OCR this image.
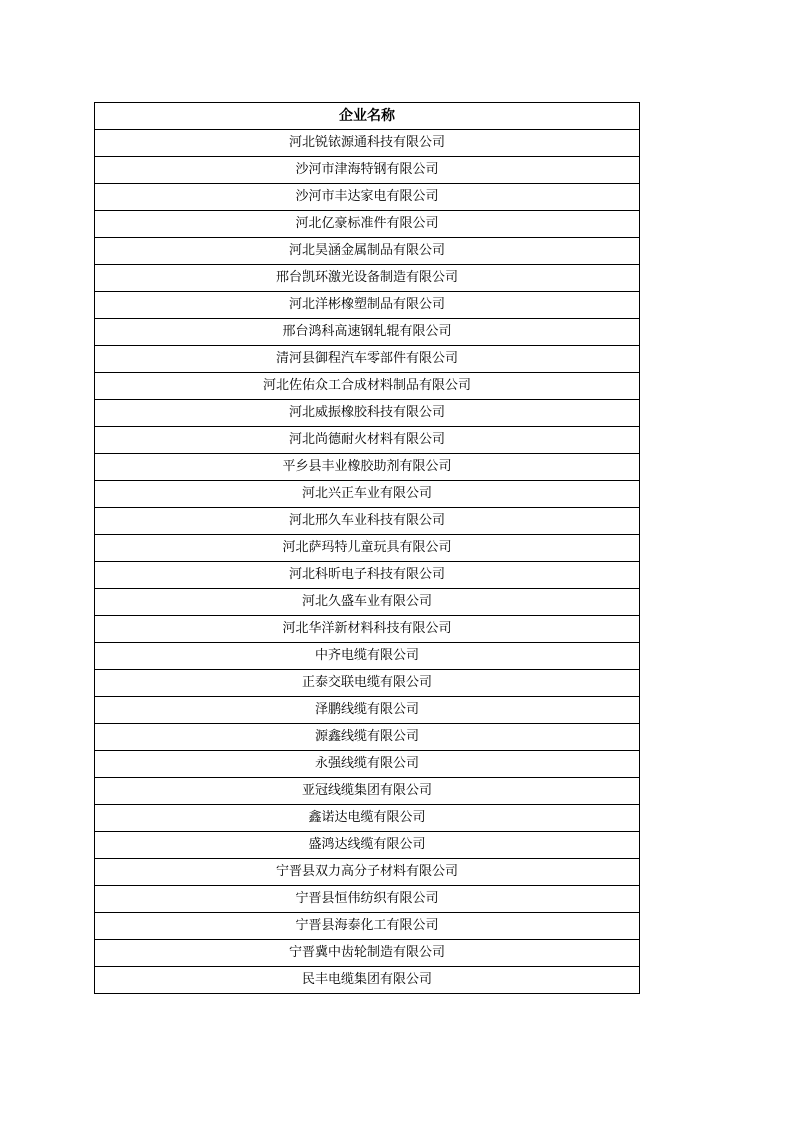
企业名称
河北锐铱源通科技有限公司
沙河市津海特钢有限公司
沙河市丰达家电有限公司
河北亿豪标准件有限公司
河北昊涵金属制品有限公司
邢台凯环激光设备制造有限公司
河北洋彬橡塑制品有限公司
邢台鸿科高速钢轧辊有限公司
清河县御程汽车零部件有限公司
河北佐佑众工合成材料制品有限公司
河北威振橡胶科技有限公司
河北尚德耐火材料有限公司
平乡县丰业橡胶助剂有限公司
河北兴正车业有限公司
河北邢久车业科技有限公司
河北萨玛特儿童玩具有限公司
河北科昕电子科技有限公司
河北久盛车业有限公司
河北华洋新材料科技有限公司
中齐电缆有限公司
正泰交联电缆有限公司
泽鹏线缆有限公司
源鑫线缆有限公司
永强线缆有限公司
亚冠线缆集团有限公司
鑫诺达电缆有限公司
盛鸿达线缆有限公司
宁晋县双力高分子材料有限公司
宁晋县恒伟纺织有限公司
宁晋县海泰化工有限公司
宁晋冀中齿轮制造有限公司
民丰电缆集团有限公司
